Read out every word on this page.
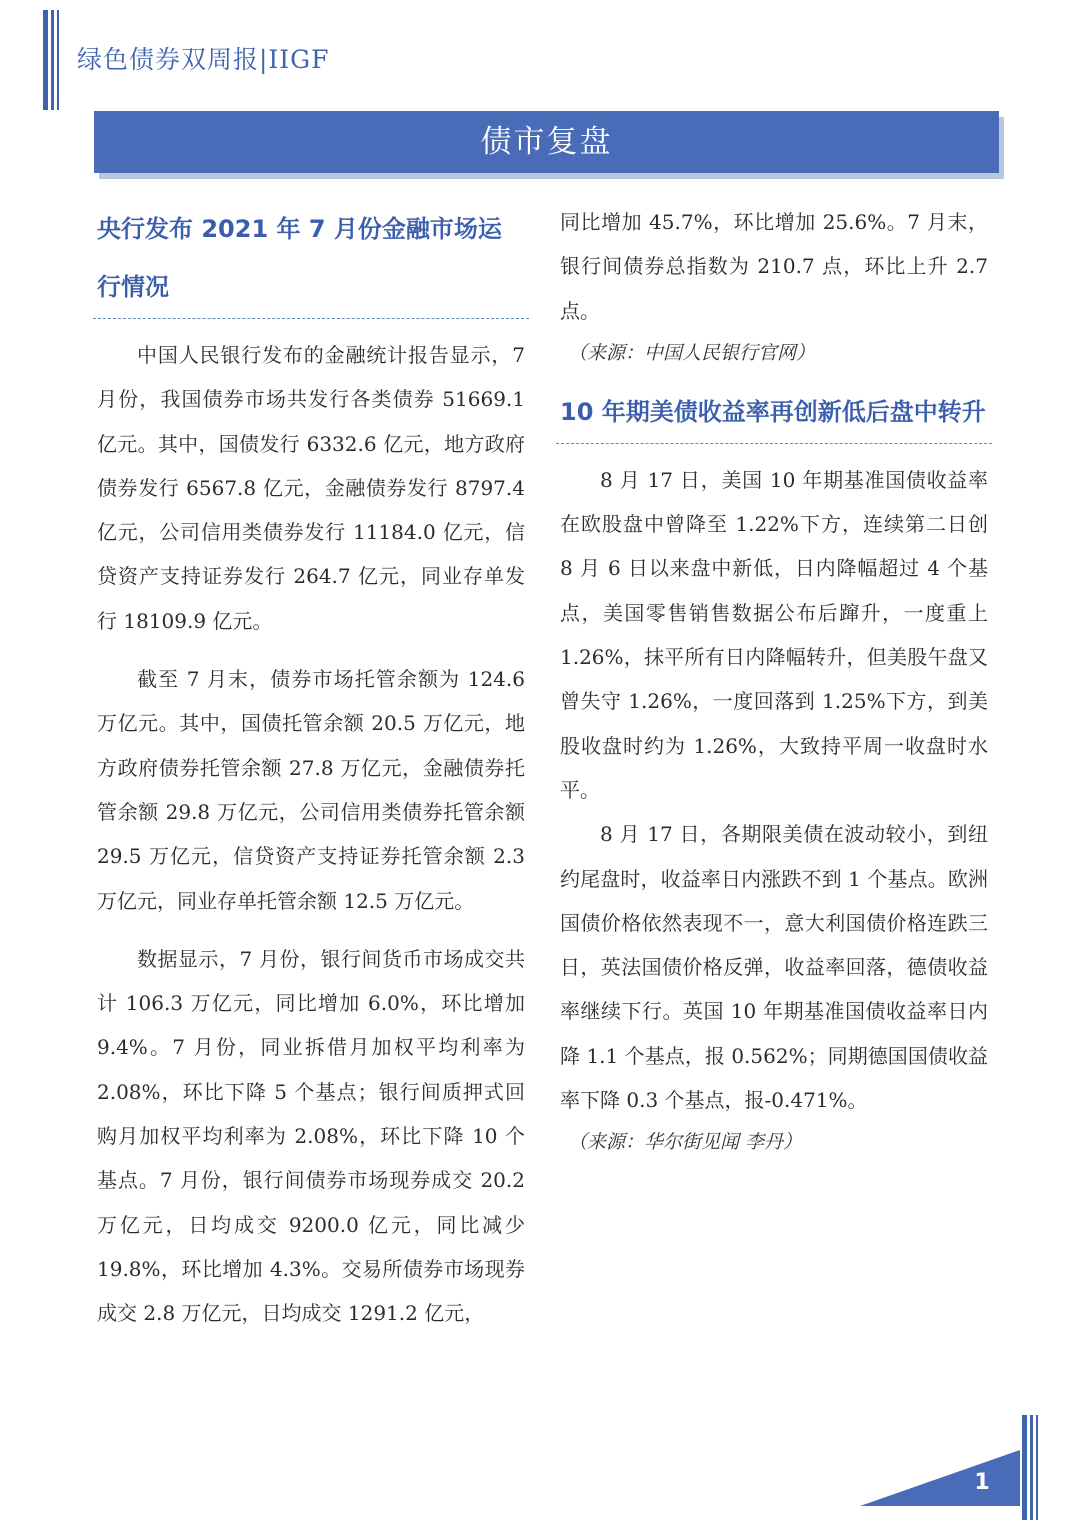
绿色债券双周报|IIGF
债市复盘
央行发布 2021 年 7 月份金融市场运行情况

中国人民银行发布的金融统计报告显示，7 月份，我国债券市场共发行各类债券 51669.1 亿元。其中，国债发行 6332.6 亿元，地方政府债券发行 6567.8 亿元，金融债券发行 8797.4 亿元，公司信用类债券发行 11184.0 亿元，信贷资产支持证券发行 264.7 亿元，同业存单发行 18109.9 亿元。

截至 7 月末，债券市场托管余额为 124.6 万亿元。其中，国债托管余额 20.5 万亿元，地方政府债券托管余额 27.8 万亿元，金融债券托管余额 29.8 万亿元，公司信用类债券托管余额 29.5 万亿元，信贷资产支持证券托管余额 2.3 万亿元，同业存单托管余额 12.5 万亿元。

数据显示，7 月份，银行间货币市场成交共计 106.3 万亿元，同比增加 6.0%，环比增加 9.4%。7 月份，同业拆借月加权平均利率为 2.08%，环比下降 5 个基点；银行间质押式回购月加权平均利率为 2.08%，环比下降 10 个基点。7 月份，银行间债券市场现券成交 20.2 万亿元，日均成交 9200.0 亿元，同比减少 19.8%，环比增加 4.3%。交易所债券市场现券成交 2.8 万亿元，日均成交 1291.2 亿元，

同比增加 45.7%，环比增加 25.6%。7 月末，银行间债券总指数为 210.7 点，环比上升 2.7 点。

（来源：中国人民银行官网）

10 年期美债收益率再创新低后盘中转升

8 月 17 日，美国 10 年期基准国债收益率在欧股盘中曾降至 1.22%下方，连续第二日创 8 月 6 日以来盘中新低，日内降幅超过 4 个基点，美国零售销售数据公布后蹿升，一度重上 1.26%，抹平所有日内降幅转升，但美股午盘又曾失守 1.26%，一度回落到 1.25%下方，到美股收盘时约为 1.26%，大致持平周一收盘时水平。

8 月 17 日，各期限美债在波动较小，到纽约尾盘时，收益率日内涨跌不到 1 个基点。欧洲国债价格依然表现不一，意大利国债价格连跌三日，英法国债价格反弹，收益率回落，德债收益率继续下行。英国 10 年期基准国债收益率日内降 1.1 个基点，报 0.562%；同期德国国债收益率下降 0.3 个基点，报-0.471%。

（来源：华尔街见闻 李丹）

1
